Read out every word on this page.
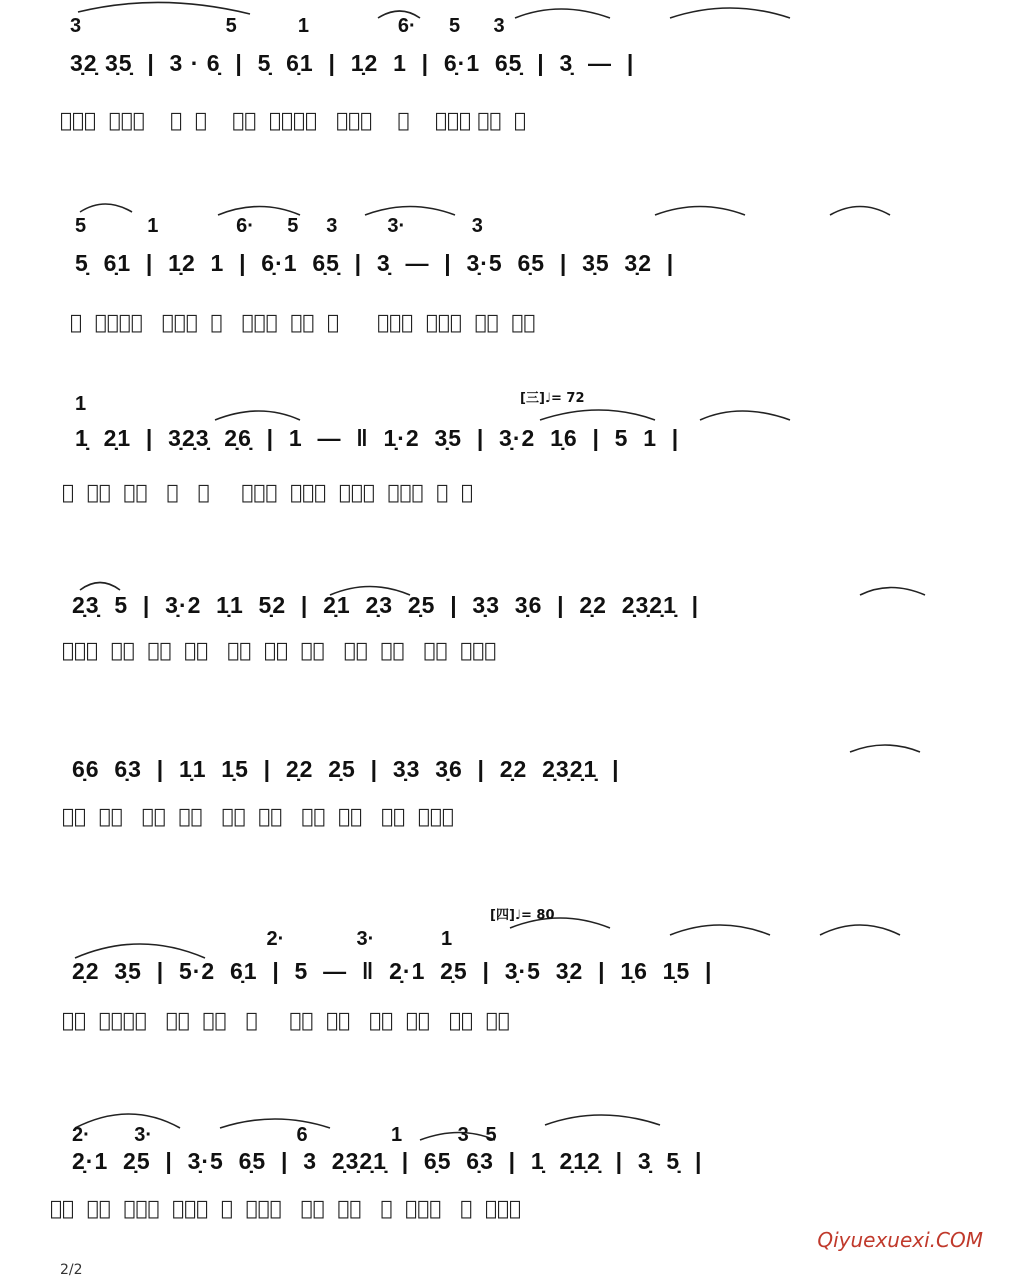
3                          5           1                6·      5      3
3̣2̣ 3̣5̣  |  3 · 6̣  |  5̣  6̣1  |  1̣2  1  |  6̣·1  6̣5̣  |  3̣  —  |
𤓰下十  旬上六    旬  乇    𤓰㝎  上七九乇   大圥𠀆    旬    𤓰乇隹 旬𤓰  𤓰
5           1              6·      5     3         3·            3
5̣  6̣1  |  1̣2  1  |  6̣·1  6̣5̣  |  3̣  —  |  3̣·5  6̣5  |  3̣5  3̣2  |
𤓰  上七九乇   大圥隹  旬   𤓰乇隹  旬𤓰  𤓰      𤓰上六  上七六  𤓰隹  旬乇
[三]♩= 72
1
1̣  2̣1  |  3̣2̣3̣  2̣6̣  |  1  —  ‖  1̣·2  3̣5  |  3̣·2  1̣6  |  5  1  |
𤓰  𤓰乇  勹徕   乇   勹     𤓰上十  上七六  𤓰下十  上二乇  𤓰  勹
2̣3̣  5  |  3̣·2  1̣1  5̣2  |  2̣1  2̣3  2̣5  |  3̣3  3̣6  |  2̣2  2̣3̣2̣1̣  |
𤓰上六  𤓰乇  𤓰勹  乇勹   𤓰勹  𤓰隹  旬乇   𤓰勹  𤓰乇   𤓰勹  𤓰立乇
6̣6  6̣3  |  1̣1  1̣5  |  2̣2  2̣5  |  3̣3  3̣6  |  2̣2  2̣3̣2̣1̣  |
𤓰勹  𤓰乇   𤓰勹  𤓰乇   𤓰勹  𤓰乇   𤓰勹  𤓰乇   𤓰勹  𤓰立乇
[四]♩= 80
2·             3·            1
2̣2  3̣5  |  5·2  6̣1  |  5  —  ‖  2̣·1  2̣5  |  3̣·5  3̣2  |  1̣6  1̣5  |
𤓰勹  上七九乇   𤓰勹  乇勹   𠀆     𤓰艮  旬乇   𤓰隹  旬乇   𤓰艮  旬乇
2·        3·                          6               1          3   5
2̣·1  2̣5  |  3̣·5  6̣5  |  3  2̣3̣2̣1̣  |  6̣5  6̣3  |  1̣  2̣1̣2̣  |  3̣  5̣  |
𤓰艮  旬乇  𤓰上六  上七六  𤓰  𠀆立乇   𤓰艮  旬乇   𤓰  𤓰乇𤓰   𤓰  大圥六
Qiyuexuexi.COM
2/2
